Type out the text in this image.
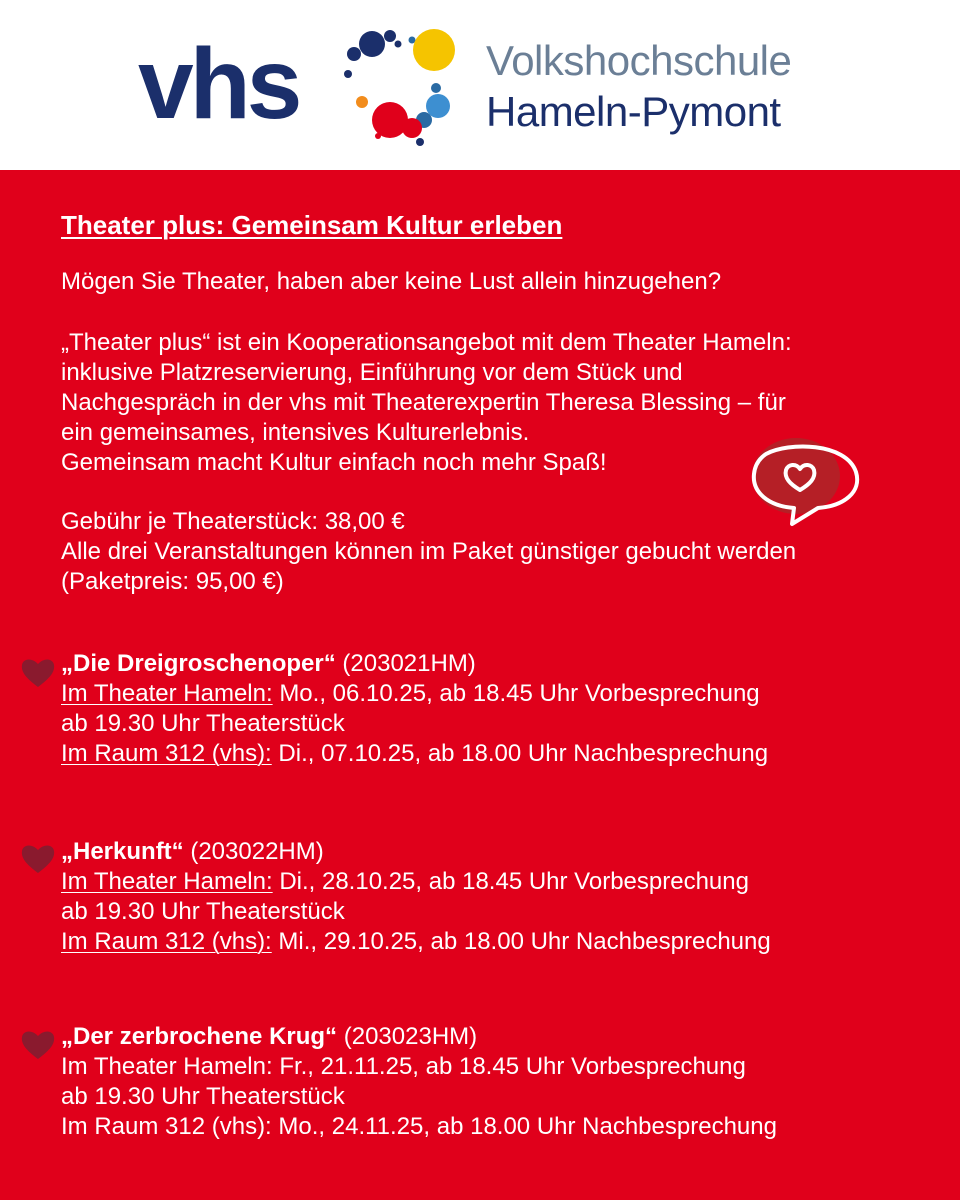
vhs	Volkshochschule
Hameln-Pymont

Theater plus: Gemeinsam Kultur erleben

Mögen Sie Theater, haben aber keine Lust allein hinzugehen?

„Theater plus“ ist ein Kooperationsangebot mit dem Theater Hameln:

inklusive Platzreservierung, Einführung vor dem Stück und

Nachgespräch in der vhs mit Theaterexpertin Theresa Blessing – für

ein gemeinsames, intensives Kulturerlebnis.

Gemeinsam macht Kultur einfach noch mehr Spaß!

Gebühr je Theaterstück: 38,00 €

Alle drei Veranstaltungen können im Paket günstiger gebucht werden

(Paketpreis: 95,00 €)

„Die Dreigroschenoper“ (203021HM)

Im Theater Hameln: Mo., 06.10.25, ab 18.45 Uhr Vorbesprechung

ab 19.30 Uhr Theaterstück

Im Raum 312 (vhs): Di., 07.10.25, ab 18.00 Uhr Nachbesprechung

„Herkunft“ (203022HM)

Im Theater Hameln: Di., 28.10.25, ab 18.45 Uhr Vorbesprechung

ab 19.30 Uhr Theaterstück

Im Raum 312 (vhs): Mi., 29.10.25, ab 18.00 Uhr Nachbesprechung

„Der zerbrochene Krug“ (203023HM)

Im Theater Hameln: Fr., 21.11.25, ab 18.45 Uhr Vorbesprechung

ab 19.30 Uhr Theaterstück

Im Raum 312 (vhs): Mo., 24.11.25, ab 18.00 Uhr Nachbesprechung
